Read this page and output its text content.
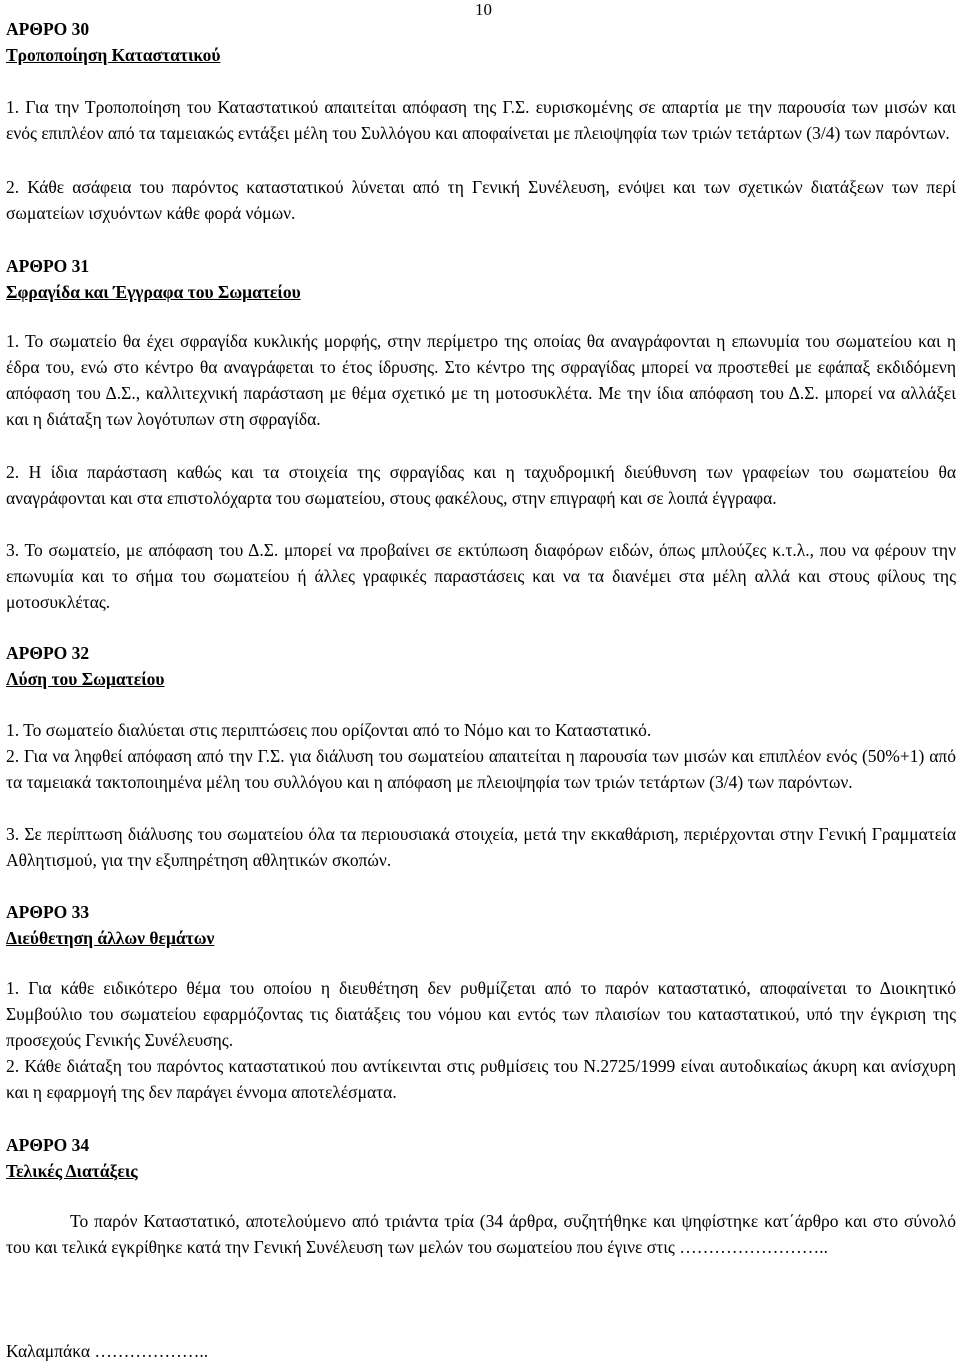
10
ΑΡΘΡΟ 30
Τροποποίηση Καταστατικού
1. Για την Τροποποίηση του Καταστατικού απαιτείται απόφαση της Γ.Σ. ευρισκομένης σε απαρτία με την παρουσία των μισών και ενός επιπλέον από τα ταμειακώς εντάξει μέλη του Συλλόγου και αποφαίνεται με πλειοψηφία των τριών τετάρτων (3/4) των παρόντων.
2. Κάθε ασάφεια του παρόντος καταστατικού λύνεται από τη Γενική Συνέλευση, ενόψει και των σχετικών διατάξεων των περί σωματείων ισχυόντων κάθε φορά νόμων.
ΑΡΘΡΟ 31
Σφραγίδα και Έγγραφα του Σωματείου
1. Το σωματείο θα έχει σφραγίδα κυκλικής μορφής, στην περίμετρο της οποίας θα αναγράφονται η επωνυμία του σωματείου και η έδρα του, ενώ στο κέντρο θα αναγράφεται το έτος ίδρυσης. Στο κέντρο της σφραγίδας μπορεί να προστεθεί με εφάπαξ εκδιδόμενη απόφαση του Δ.Σ., καλλιτεχνική παράσταση με θέμα σχετικό με τη μοτοσυκλέτα. Με την ίδια απόφαση του Δ.Σ. μπορεί να αλλάξει και η διάταξη των λογότυπων στη σφραγίδα.
2. Η ίδια παράσταση καθώς και τα στοιχεία της σφραγίδας και η ταχυδρομική διεύθυνση των γραφείων του σωματείου θα αναγράφονται και στα επιστολόχαρτα του σωματείου, στους φακέλους, στην επιγραφή και σε λοιπά έγγραφα.
3. Το σωματείο, με απόφαση του Δ.Σ. μπορεί να προβαίνει σε εκτύπωση διαφόρων ειδών, όπως μπλούζες κ.τ.λ., που να φέρουν την επωνυμία και το σήμα του σωματείου ή άλλες γραφικές παραστάσεις και να τα διανέμει στα μέλη αλλά και στους φίλους της μοτοσυκλέτας.
ΑΡΘΡΟ 32
Λύση του Σωματείου
1. Το σωματείο διαλύεται στις περιπτώσεις που ορίζονται από το Νόμο και το Καταστατικό.
2. Για να ληφθεί απόφαση από την Γ.Σ. για διάλυση του σωματείου απαιτείται η παρουσία των μισών και επιπλέον ενός (50%+1) από τα ταμειακά τακτοποιημένα μέλη του συλλόγου και η απόφαση με πλειοψηφία των τριών τετάρτων (3/4) των παρόντων.
3. Σε περίπτωση διάλυσης του σωματείου όλα τα περιουσιακά στοιχεία, μετά την εκκαθάριση, περιέρχονται στην Γενική Γραμματεία Αθλητισμού, για την εξυπηρέτηση αθλητικών σκοπών.
ΑΡΘΡΟ 33
Διεύθετηση άλλων θεμάτων
1. Για κάθε ειδικότερο θέμα του οποίου η διευθέτηση δεν ρυθμίζεται από το παρόν καταστατικό, αποφαίνεται το Διοικητικό Συμβούλιο του σωματείου εφαρμόζοντας τις διατάξεις του νόμου και εντός των πλαισίων του καταστατικού, υπό την έγκριση της προσεχούς Γενικής Συνέλευσης.
2. Κάθε διάταξη του παρόντος καταστατικού που αντίκεινται στις ρυθμίσεις του Ν.2725/1999 είναι αυτοδικαίως άκυρη και ανίσχυρη και η εφαρμογή της δεν παράγει έννομα αποτελέσματα.
ΑΡΘΡΟ 34
Τελικές Διατάξεις
Το παρόν Καταστατικό, αποτελούμενο από τριάντα τρία (34 άρθρα, συζητήθηκε και ψηφίστηκε κατ΄άρθρο και στο σύνολό του και τελικά εγκρίθηκε κατά την Γενική Συνέλευση των μελών του σωματείου που έγινε στις ……………………..
Καλαμπάκα ………………..
